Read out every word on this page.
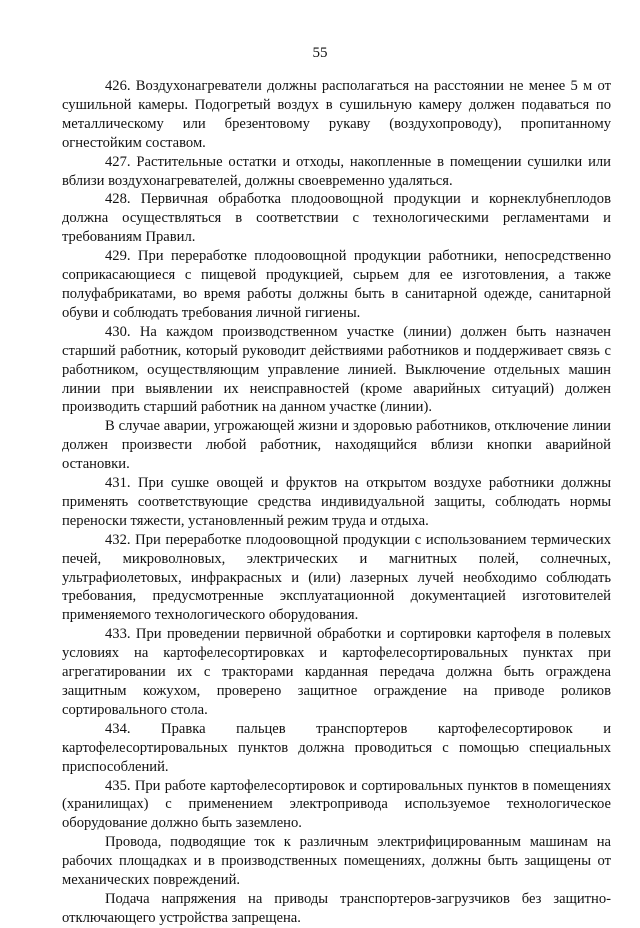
55

426. Воздухонагреватели должны располагаться на расстоянии не менее 5 м от сушильной камеры. Подогретый воздух в сушильную камеру должен подаваться по металлическому или брезентовому рукаву (воздухопроводу), пропитанному огнестойким составом.

427. Растительные остатки и отходы, накопленные в помещении сушилки или вблизи воздухонагревателей, должны своевременно удаляться.

428. Первичная обработка плодоовощной продукции и корнеклубнеплодов должна осуществляться в соответствии с технологическими регламентами и требованиям Правил.

429. При переработке плодоовощной продукции работники, непосредственно соприкасающиеся с пищевой продукцией, сырьем для ее изготовления, а также полуфабрикатами, во время работы должны быть в санитарной одежде, санитарной обуви и соблюдать требования личной гигиены.

430. На каждом производственном участке (линии) должен быть назначен старший работник, который руководит действиями работников и поддерживает связь с работником, осуществляющим управление линией. Выключение отдельных машин линии при выявлении их неисправностей (кроме аварийных ситуаций) должен производить старший работник на данном участке (линии).

В случае аварии, угрожающей жизни и здоровью работников, отключение линии должен произвести любой работник, находящийся вблизи кнопки аварийной остановки.

431. При сушке овощей и фруктов на открытом воздухе работники должны применять соответствующие средства индивидуальной защиты, соблюдать нормы переноски тяжести, установленный режим труда и отдыха.

432. При переработке плодоовощной продукции с использованием термических печей, микроволновых, электрических и магнитных полей, солнечных, ультрафиолетовых, инфракрасных и (или) лазерных лучей необходимо соблюдать требования, предусмотренные эксплуатационной документацией изготовителей применяемого технологического оборудования.

433. При проведении первичной обработки и сортировки картофеля в полевых условиях на картофелесортировках и картофелесортировальных пунктах при агрегатировании их с тракторами карданная передача должна быть ограждена защитным кожухом, проверено защитное ограждение на приводе роликов сортировального стола.

434. Правка пальцев транспортеров картофелесортировок и картофелесортировальных пунктов должна проводиться с помощью специальных приспособлений.

435. При работе картофелесортировок и сортировальных пунктов в помещениях (хранилищах) с применением электропривода используемое технологическое оборудование должно быть заземлено.

Провода, подводящие ток к различным электрифицированным машинам на рабочих площадках и в производственных помещениях, должны быть защищены от механических повреждений.

Подача напряжения на приводы транспортеров-загрузчиков без защитно-отключающего устройства запрещена.
